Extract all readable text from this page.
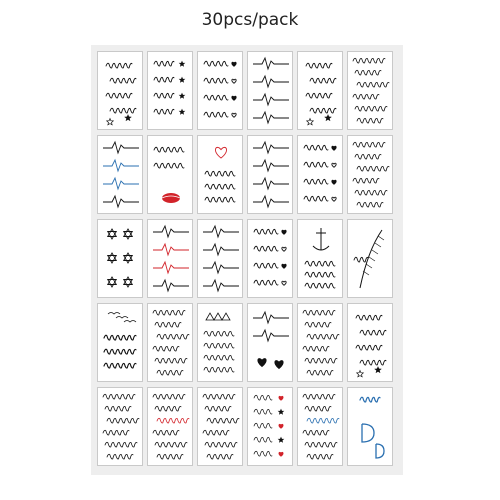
30pcs/pack
